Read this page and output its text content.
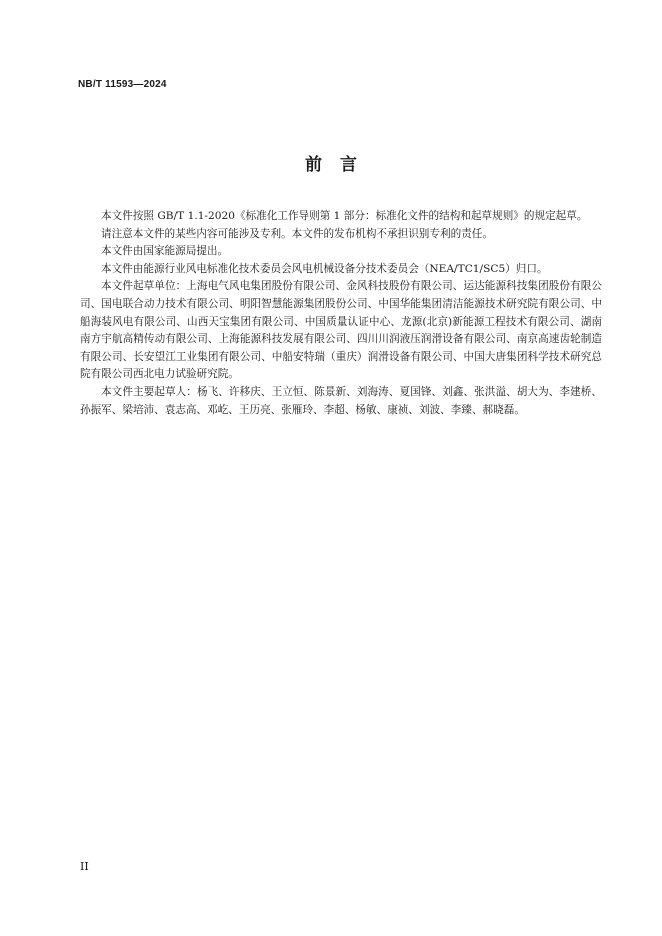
NB/T 11593—2024
前言

本文件按照 GB/T 1.1-2020《标准化工作导则第 1 部分：标准化文件的结构和起草规则》的规定起草。

请注意本文件的某些内容可能涉及专利。本文件的发布机构不承担识别专利的责任。

本文件由国家能源局提出。

本文件由能源行业风电标准化技术委员会风电机械设备分技术委员会（NEA/TC1/SC5）归口。

本文件起草单位：上海电气风电集团股份有限公司、金风科技股份有限公司、运达能源科技集团股份有限公司、国电联合动力技术有限公司、明阳智慧能源集团股份公司、中国华能集团清洁能源技术研究院有限公司、中船海装风电有限公司、山西天宝集团有限公司、中国质量认证中心、龙源(北京)新能源工程技术有限公司、湖南南方宇航高精传动有限公司、上海能源科技发展有限公司、四川川润液压润滑设备有限公司、南京高速齿轮制造有限公司、长安望江工业集团有限公司、中船安特瑞（重庆）润滑设备有限公司、中国大唐集团科学技术研究总院有限公司西北电力试验研究院。

本文件主要起草人：杨飞、许移庆、王立恒、陈景新、刘海涛、夏国锋、刘鑫、张洪溢、胡大为、李建桥、孙振军、梁培沛、袁志高、邓屹、王历亮、张雁玲、李超、杨敏、康祯、刘波、李臻、郝晓磊。

II
